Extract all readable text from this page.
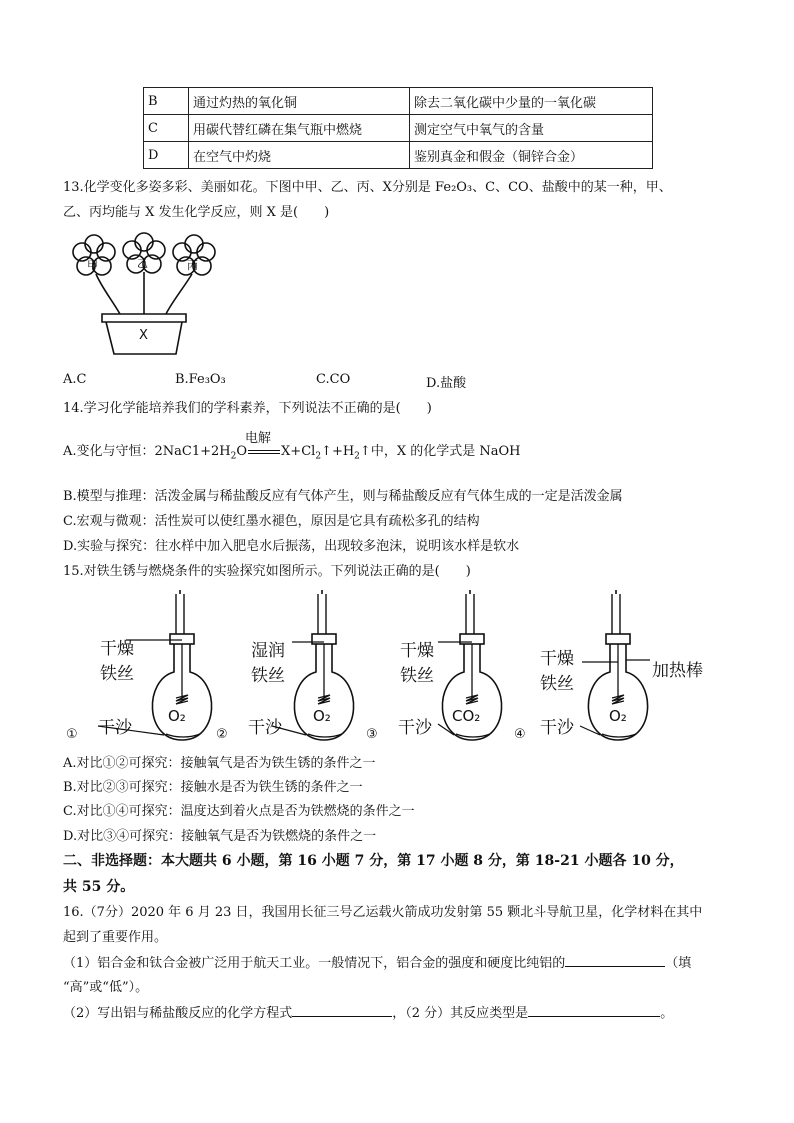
B	通过灼热的氧化铜	除去二氧化碳中少量的一氧化碳
C	用碳代替红磷在集气瓶中燃烧	测定空气中氧气的含量
D	在空气中灼烧	鉴别真金和假金（铜锌合金）
13.化学变化多姿多彩、美丽如花。下图中甲、乙、丙、X分别是 Fe₂O₃、C、CO、盐酸中的某一种，甲、
乙、丙均能与 X 发生化学反应，则 X 是(　　)
甲	乙	丙
X
A.C	B.Fe₃O₃	C.CO	D.盐酸
14.学习化学能培养我们的学科素养，下列说法不正确的是(　　)
A.变化与守恒：$2NaC1+2H_2O$
电解
$X+Cl_2↑+H_2↑$中，X 的化学式是 NaOH
B.模型与推理：活泼金属与稀盐酸反应有气体产生，则与稀盐酸反应有气体生成的一定是活泼金属
C.宏观与微观：活性炭可以使红墨水褪色，原因是它具有疏松多孔的结构
D.实验与探究：往水样中加入肥皂水后振荡，出现较多泡沫，说明该水样是软水
15.对铁生锈与燃烧条件的实验探究如图所示。下列说法正确的是(　　)
干燥
铁丝
① 干沙
O₂
湿润
铁丝
② 干沙
O₂
干燥
铁丝
③ 干沙
CO₂
干燥
铁丝
加热棒
④ 干沙
O₂
A.对比①②可探究：接触氧气是否为铁生锈的条件之一
B.对比②③可探究：接触水是否为铁生锈的条件之一
C.对比①④可探究：温度达到着火点是否为铁燃烧的条件之一
D.对比③④可探究：接触氧气是否为铁燃烧的条件之一
二、非选择题：本大题共 6 小题，第 16 小题 7 分，第 17 小题 8 分，第 18-21 小题各 10 分，
共 55 分。
16.（7分）2020 年 6 月 23 日，我国用长征三号乙运载火箭成功发射第 55 颗北斗导航卫星，化学材料在其中
起到了重要作用。
（1）铝合金和钛合金被广泛用于航天工业。一般情况下，铝合金的强度和硬度比纯铝的	（填
“高”或“低”）。
（2）写出铝与稀盐酸反应的化学方程式	，（2 分）其反应类型是	。
